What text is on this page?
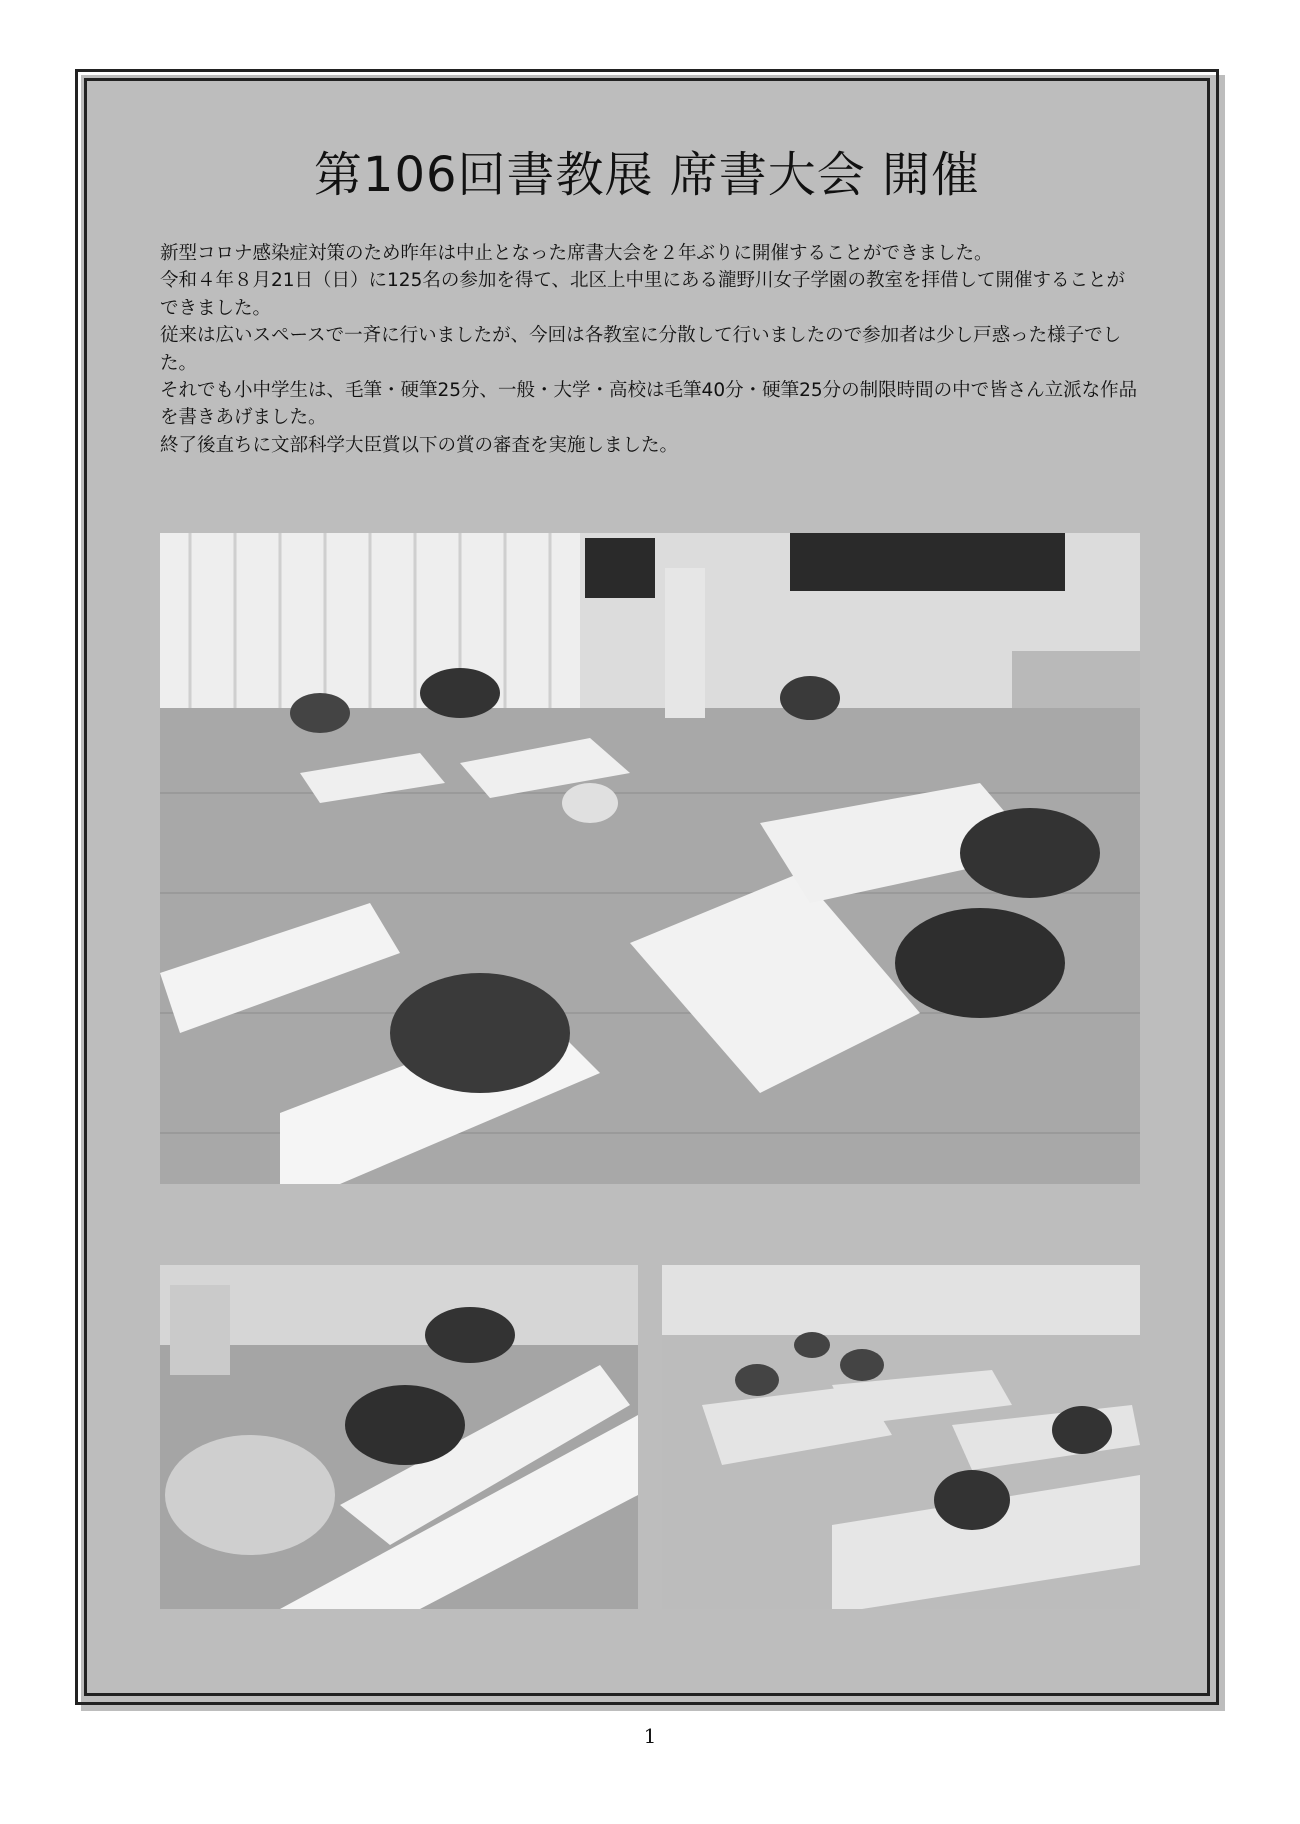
第106回書教展 席書大会 開催

新型コロナ感染症対策のため昨年は中止となった席書大会を２年ぶりに開催することができました。

令和４年８月21日（日）に125名の参加を得て、北区上中里にある瀧野川女子学園の教室を拝借して開催することができました。

従来は広いスペースで一斉に行いましたが、今回は各教室に分散して行いましたので参加者は少し戸惑った様子でした。

それでも小中学生は、毛筆・硬筆25分、一般・大学・高校は毛筆40分・硬筆25分の制限時間の中で皆さん立派な作品を書きあげました。

終了後直ちに文部科学大臣賞以下の賞の審査を実施しました。

1
